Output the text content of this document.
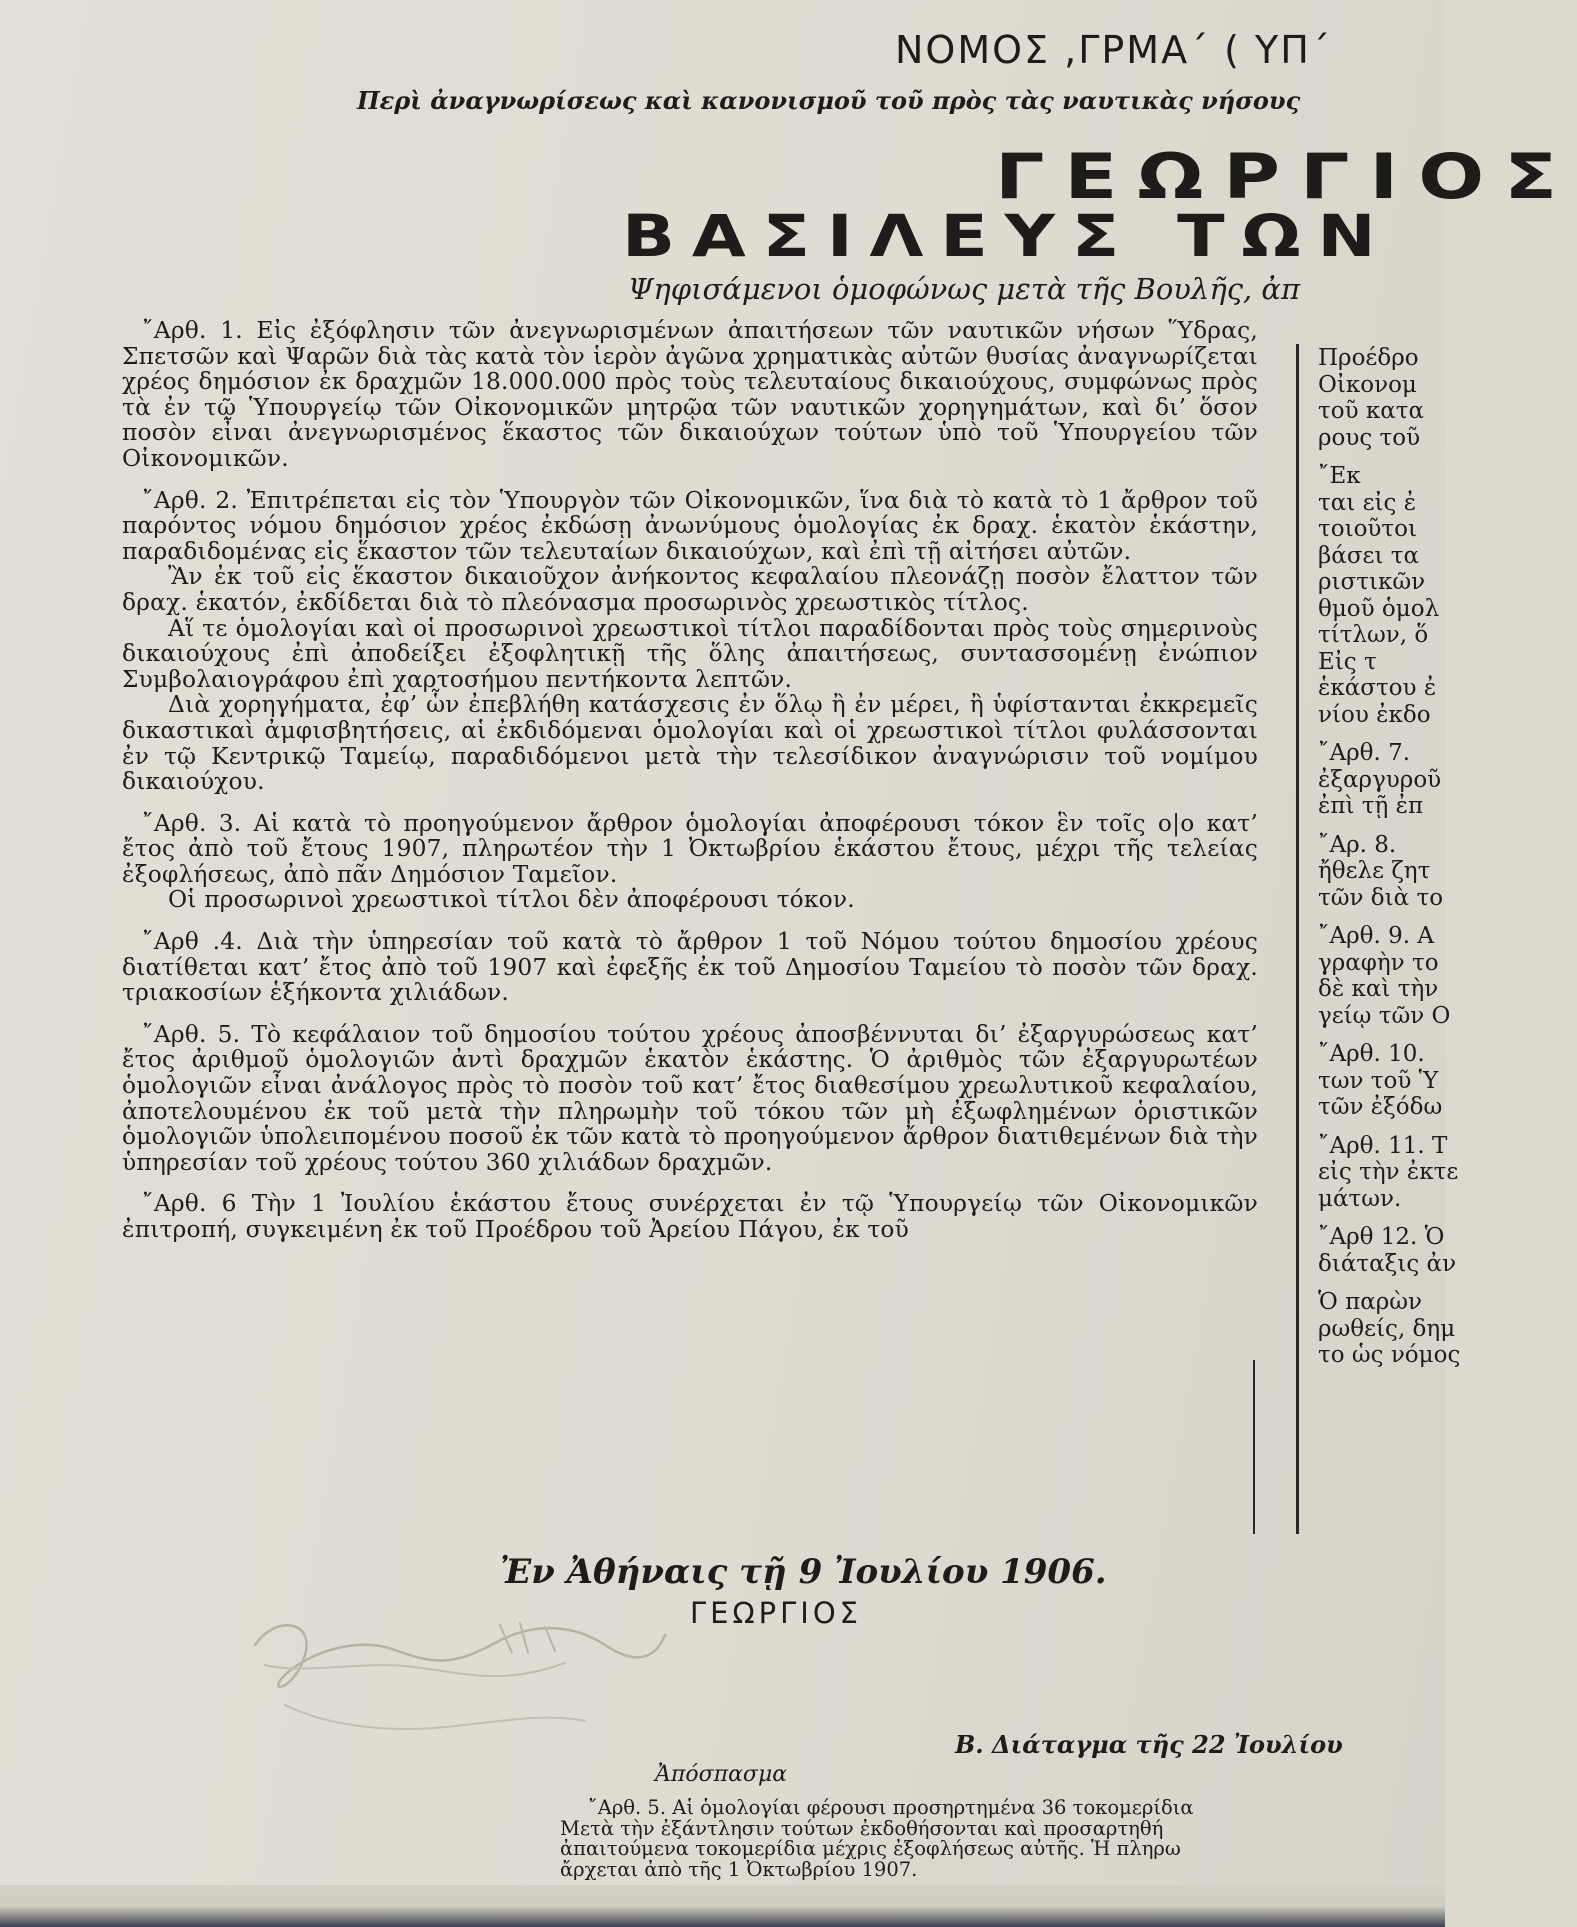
ΝΟΜΟΣ ,ΓΡΜΑ΄ ( ΥΠ΄
Περὶ ἀναγνωρίσεως καὶ κανονισμοῦ τοῦ πρὸς τὰς ναυτικὰς νήσους
ΓΕΩΡΓΙΟΣ
ΒΑΣΙΛΕΥΣ ΤΩΝ
Ψηφισάμενοι ὁμοφώνως μετὰ τῆς Βουλῆς, ἀπ

῎Αρθ. 1. Εἰς ἐξόφλησιν τῶν ἀνεγνωρισμένων ἀπαιτήσεων τῶν ναυτικῶν νήσων Ὕδρας, Σπετσῶν καὶ Ψαρῶν διὰ τὰς κατὰ τὸν ἱερὸν ἀγῶνα χρηματικὰς αὐτῶν θυσίας ἀναγνωρίζεται χρέος δημόσιον ἐκ δραχμῶν 18.000.000 πρὸς τοὺς τελευταίους δικαιούχους, συμφώνως πρὸς τὰ ἐν τῷ Ὑπουργείῳ τῶν Οἰκονομικῶν μητρῷα τῶν ναυτικῶν χορηγημάτων, καὶ δι’ ὅσον ποσὸν εἶναι ἀνεγνωρισμένος ἕκαστος τῶν δικαιούχων τούτων ὑπὸ τοῦ Ὑπουργείου τῶν Οἰκονομικῶν.

῎Αρθ. 2. Ἐπιτρέπεται εἰς τὸν Ὑπουργὸν τῶν Οἰκονομικῶν, ἵνα διὰ τὸ κατὰ τὸ 1 ἄρθρον τοῦ παρόντος νόμου δημόσιον χρέος ἐκδώσῃ ἀνωνύμους ὁμολογίας ἐκ δραχ. ἑκατὸν ἑκάστην, παραδιδομένας εἰς ἕκαστον τῶν τελευταίων δικαιούχων, καὶ ἐπὶ τῇ αἰτήσει αὐτῶν.

Ἂν ἐκ τοῦ εἰς ἕκαστον δικαιοῦχον ἀνήκοντος κεφαλαίου πλεονάζῃ ποσὸν ἔλαττον τῶν δραχ. ἑκατόν, ἐκδίδεται διὰ τὸ πλεόνασμα προσωρινὸς χρεωστικὸς τίτλος.

Αἵ τε ὁμολογίαι καὶ οἱ προσωρινοὶ χρεωστικοὶ τίτλοι παραδίδονται πρὸς τοὺς σημερινοὺς δικαιούχους ἐπὶ ἀποδείξει ἐξοφλητικῇ τῆς ὅλης ἀπαιτήσεως, συντασσομένῃ ἐνώπιον Συμβολαιογράφου ἐπὶ χαρτοσήμου πεντήκοντα λεπτῶν.

Διὰ χορηγήματα, ἐφ’ ὧν ἐπεβλήθη κατάσχεσις ἐν ὅλῳ ἢ ἐν μέρει, ἢ ὑφίστανται ἐκκρεμεῖς δικαστικαὶ ἀμφισβητήσεις, αἱ ἐκδιδόμεναι ὁμολογίαι καὶ οἱ χρεωστικοὶ τίτλοι φυλάσσονται ἐν τῷ Κεντρικῷ Ταμείῳ, παραδιδόμενοι μετὰ τὴν τελεσίδικον ἀναγνώρισιν τοῦ νομίμου δικαιούχου.

῎Αρθ. 3. Αἱ κατὰ τὸ προηγούμενον ἄρθρον ὁμολογίαι ἀποφέρουσι τόκον ἓν τοῖς ο|ο κατ’ ἔτος ἀπὸ τοῦ ἔτους 1907, πληρωτέον τὴν 1 Ὀκτωβρίου ἑκάστου ἔτους, μέχρι τῆς τελείας ἐξοφλήσεως, ἀπὸ πᾶν Δημόσιον Ταμεῖον.

Οἱ προσωρινοὶ χρεωστικοὶ τίτλοι δὲν ἀποφέρουσι τόκον.

῎Αρθ .4. Διὰ τὴν ὑπηρεσίαν τοῦ κατὰ τὸ ἄρθρον 1 τοῦ Νόμου τούτου δημοσίου χρέους διατίθεται κατ’ ἔτος ἀπὸ τοῦ 1907 καὶ ἐφεξῆς ἐκ τοῦ Δημοσίου Ταμείου τὸ ποσὸν τῶν δραχ. τριακοσίων ἑξήκοντα χιλιάδων.

῎Αρθ. 5. Τὸ κεφάλαιον τοῦ δημοσίου τούτου χρέους ἀποσβέννυται δι’ ἐξαργυρώσεως κατ’ ἔτος ἀριθμοῦ ὁμολογιῶν ἀντὶ δραχμῶν ἑκατὸν ἑκάστης. Ὁ ἀριθμὸς τῶν ἐξαργυρωτέων ὁμολογιῶν εἶναι ἀνάλογος πρὸς τὸ ποσὸν τοῦ κατ’ ἔτος διαθεσίμου χρεωλυτικοῦ κεφαλαίου, ἀποτελουμένου ἐκ τοῦ μετὰ τὴν πληρωμὴν τοῦ τόκου τῶν μὴ ἐξωφλημένων ὁριστικῶν ὁμολογιῶν ὑπολειπομένου ποσοῦ ἐκ τῶν κατὰ τὸ προηγούμενον ἄρθρον διατιθεμένων διὰ τὴν ὑπηρεσίαν τοῦ χρέους τούτου 360 χιλιάδων δραχμῶν.

῎Αρθ. 6 Τὴν 1 Ἰουλίου ἑκάστου ἔτους συνέρχεται ἐν τῷ Ὑπουργείῳ τῶν Οἰκονομικῶν ἐπιτροπή, συγκειμένη ἐκ τοῦ Προέδρου τοῦ Ἀρείου Πάγου, ἐκ τοῦ

Προέδρο
Οἰκονομ
τοῦ κατα
ρους τοῦ
῎Εκ
ται εἰς ἐ
τοιοῦτοι
βάσει τα
ριστικῶν
θμοῦ ὁμολ
τίτλων, ὅ
Εἰς τ
ἑκάστου ἐ
νίου ἐκδο
῎Αρθ. 7.
ἐξαργυροῦ
ἐπὶ τῇ ἐπ
῎Αρ. 8.
ἤθελε ζητ
τῶν διὰ το
῎Αρθ. 9. Α
γραφὴν το
δὲ καὶ τὴν
γείῳ τῶν Ο
῎Αρθ. 10.
των τοῦ Ὑ
τῶν ἐξόδω
῎Αρθ. 11. Τ
εἰς τὴν ἐκτε
μάτων.
῎Αρθ 12. Ὁ
διάταξις ἀν
Ὁ παρὼν
ρωθείς, δημ
το ὡς νόμος
Ἐν Ἀθήναις τῇ 9 Ἰουλίου 1906.
ΓΕΩΡΓΙΟΣ
Β. Διάταγμα τῆς 22 Ἰουλίου
Ἀπόσπασμα
῎Αρθ. 5. Αἱ ὁμολογίαι φέρουσι προσηρτημένα 36 τοκομερίδια
Μετὰ τὴν ἐξάντλησιν τούτων ἐκδοθήσονται καὶ προσαρτηθή
ἀπαιτούμενα τοκομερίδια μέχρις ἐξοφλήσεως αὐτῆς. Ἡ πληρω
ἄρχεται ἀπὸ τῆς 1 Ὀκτωβρίου 1907.
